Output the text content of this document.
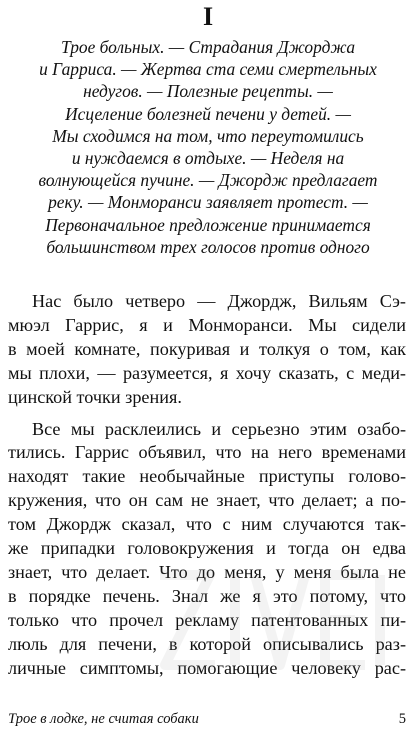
I
Трое больных. — Страдания Джорджа
и Гарриса. — Жертва ста семи смертельных
недугов. — Полезные рецепты. —
Исцеление болезней печени у детей. —
Мы сходимся на том, что переутомились
и нуждаемся в отдыхе. — Неделя на
волнующейся пучине. — Джордж предлагает
реку. — Монморанси заявляет протест. —
Первоначальное предложение принимается
большинством трех голосов против одного

Нас было четверо — Джордж, Вильям Сэ-
мюэл Гаррис, я и Монморанси. Мы сидели
в моей комнате, покуривая и толкуя о том, как
мы плохи, — разумеется, я хочу сказать, с меди-
цинской точки зрения.

Все мы расклеились и серьезно этим озабо-
тились. Гаррис объявил, что на него временами
находят такие необычайные приступы голово-
кружения, что он сам не знает, что делает; а по-
том Джордж сказал, что с ним случаются так-
же припадки головокружения и тогда он едва
знает, что делает. Что до меня, у меня была не
в порядке печень. Знал же я это потому, что
только что прочел рекламу патентованных пи-
люль для печени, в которой описывались раз-
личные симптомы, помогающие человеку рас-

Трое в лодке, не считая собаки	5
